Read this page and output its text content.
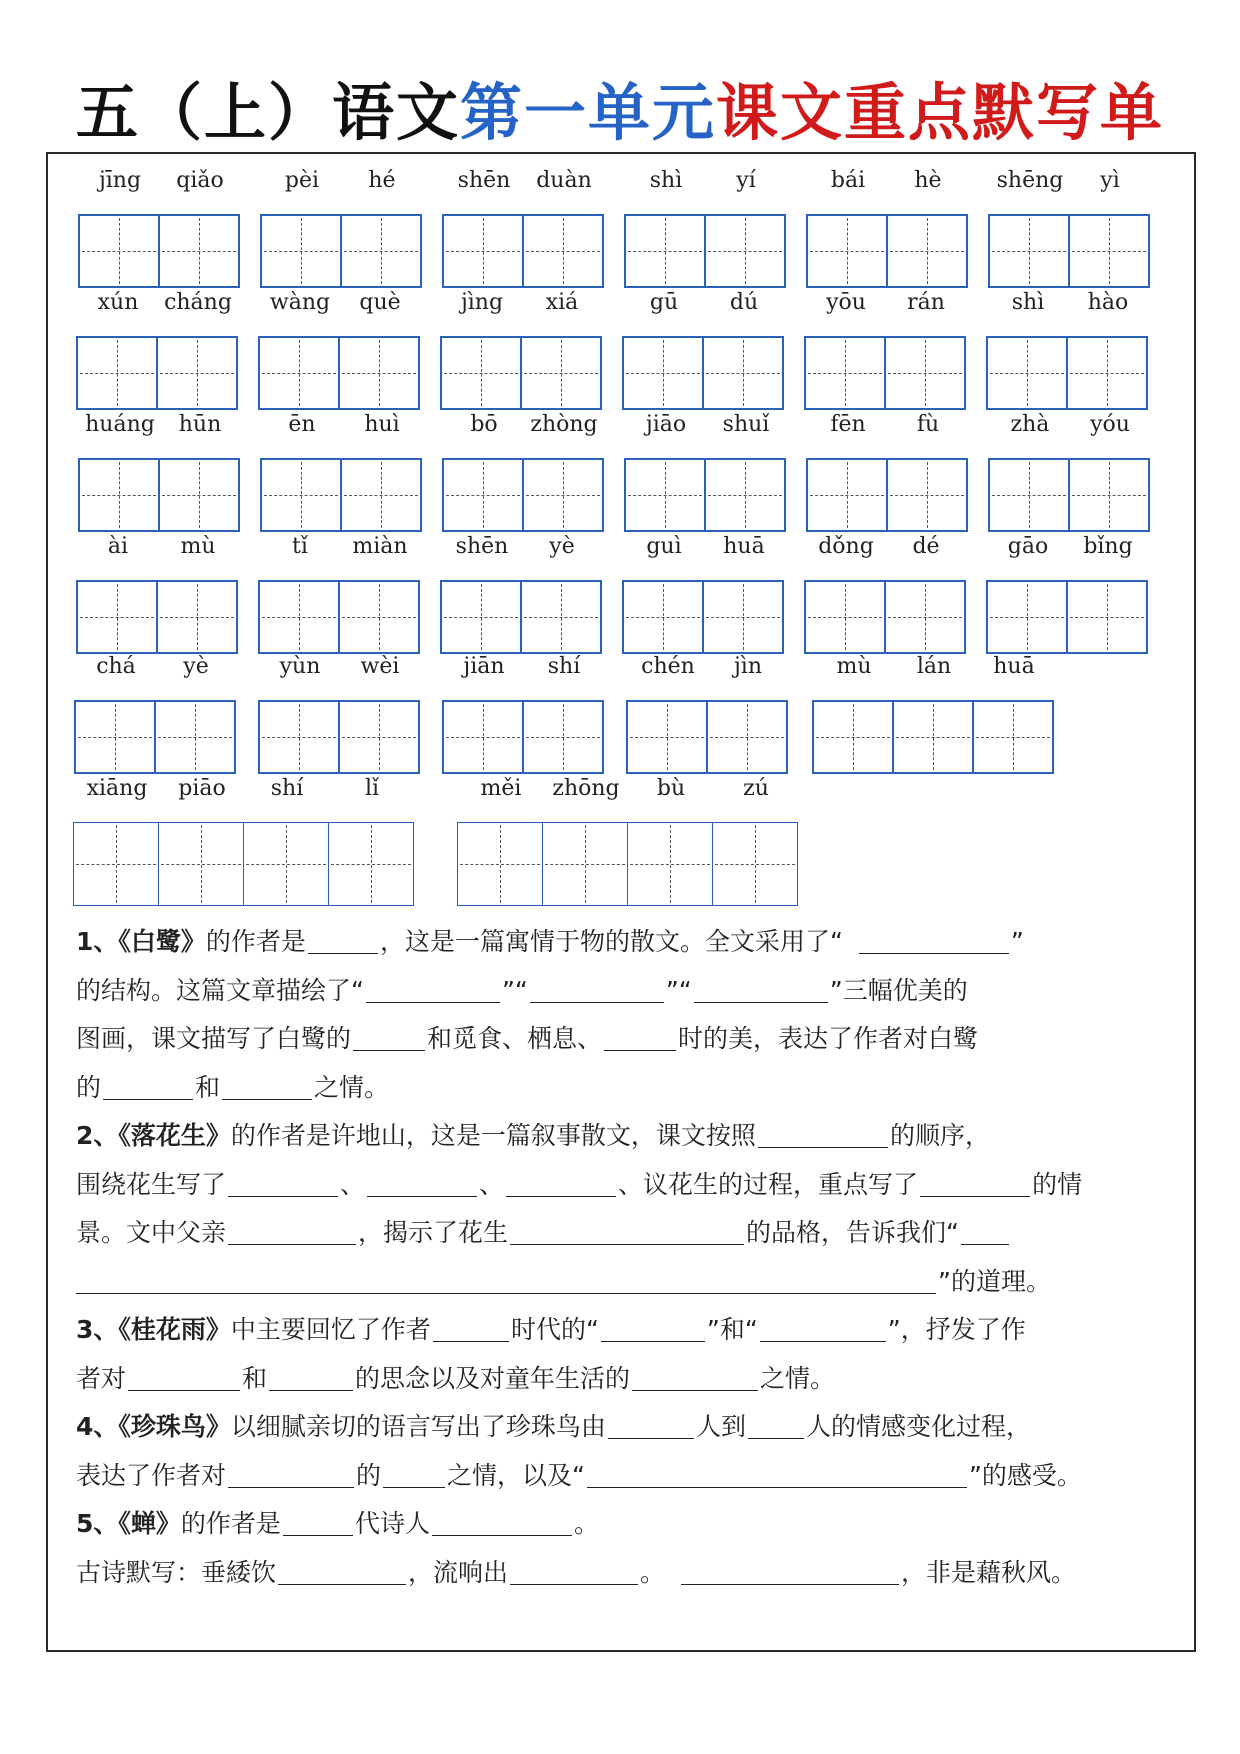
五（上）语文第一单元课文重点默写单
jīng	qiǎo	pèi	hé	shēn	duàn	shì	yí	bái	hè	shēng	yì
xún	cháng	wàng	què	jìng	xiá	gū	dú	yōu	rán	shì	hào
huáng	hūn	ēn	huì	bō	zhòng	jiāo	shuǐ	fēn	fù	zhà	yóu
ài	mù	tǐ	miàn	shēn	yè	guì	huā	dǒng	dé	gāo	bǐng
chá	yè	yùn	wèi	jiān	shí	chén	jìn	mù	lán	huā
xiāng	piāo	shí	lǐ	měi	zhōng	bù	zú

1、《白鹭》的作者是	，这是一篇寓情于物的散文。全文采用了“	”
的结构。这篇文章描绘了“	”“	”“	”三幅优美的
图画，课文描写了白鹭的	和觅食、栖息、	时的美，表达了作者对白鹭
的	和	之情。

2、《落花生》的作者是许地山，这是一篇叙事散文，课文按照	的顺序，
围绕花生写了	、	、	、议花生的过程，重点写了	的情
景。文中父亲	，揭示了花生	的品格，告诉我们“
”的道理。

3、《桂花雨》中主要回忆了作者	时代的“	”和“	”，抒发了作
者对	和	的思念以及对童年生活的	之情。

4、《珍珠鸟》以细腻亲切的语言写出了珍珠鸟由	人到 人的情感变化过程，
表达了作者对	的	之情，以及“	”的感受。

5、《蝉》的作者是	代诗人	。

古诗默写：垂緌饮	，流响出	。	，非是藉秋风。
